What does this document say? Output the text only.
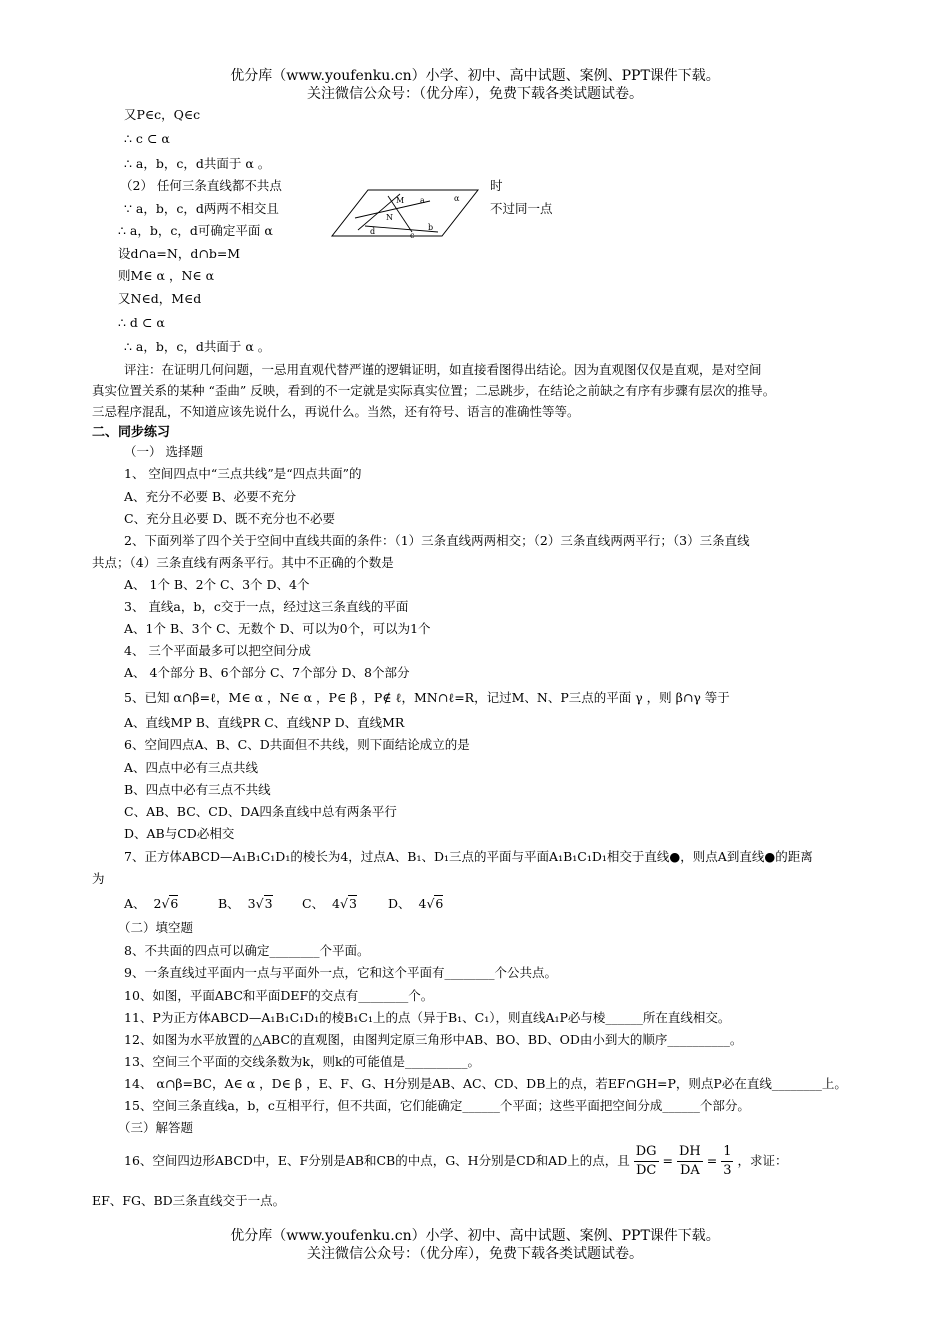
优分库（www.youfenku.cn）小学、初中、高中试题、案例、PPT课件下载。
关注微信公众号：（优分库），免费下载各类试题试卷。
又P∈c，Q∈c
∴ c ⊂ α
∴ a，b，c，d共面于 α 。
（2） 任何三条直线都不共点	时
∵ a，b，c，d两两不相交且	不过同一点
M a	α
N
b
d	c
∴ a，b，c，d可确定平面 α
设d∩a=N，d∩b=M
则M∈ α ，N∈ α
又N∈d，M∈d
∴ d ⊂ α
∴ a，b，c，d共面于 α 。
评注：在证明几何问题，一忌用直观代替严谨的逻辑证明，如直接看图得出结论。因为直观图仅仅是直观，是对空间
真实位置关系的某种 “歪曲” 反映，看到的不一定就是实际真实位置；二忌跳步，在结论之前缺之有序有步骤有层次的推导。
三忌程序混乱，不知道应该先说什么，再说什么。当然，还有符号、语言的准确性等等。
二、同步练习
（一） 选择题
1、 空间四点中“三点共线”是“四点共面”的
A、充分不必要 B、必要不充分
C、充分且必要 D、既不充分也不必要
2、下面列举了四个关于空间中直线共面的条件：（1）三条直线两两相交；（2）三条直线两两平行；（3）三条直线
共点；（4）三条直线有两条平行。其中不正确的个数是
A、 1个 B、2个 C、3个 D、4个
3、 直线a，b，c交于一点，经过这三条直线的平面
A、1个 B、3个 C、无数个 D、可以为0个，可以为1个
4、 三个平面最多可以把空间分成
A、 4个部分 B、6个部分 C、7个部分 D、8个部分
5、已知 α∩β=ℓ，M∈ α ，N∈ α ，P∈ β ，P∉ ℓ，MN∩ℓ=R，记过M、N、P三点的平面 γ ，则 β∩γ 等于
A、直线MP B、直线PR C、直线NP D、直线MR
6、空间四点A、B、C、D共面但不共线，则下面结论成立的是
A、四点中必有三点共线
B、四点中必有三点不共线
C、AB、BC、CD、DA四条直线中总有两条平行
D、AB与CD必相交
7、正方体ABCD—A₁B₁C₁D₁的棱长为4，过点A、B₁、D₁三点的平面与平面A₁B₁C₁D₁相交于直线●，则点A到直线●的距离
为
A、 2√6	B、 3√3 C、 4√3 D、 4√6
（二）填空题
8、不共面的四点可以确定________个平面。
9、一条直线过平面内一点与平面外一点，它和这个平面有________个公共点。
10、如图，平面ABC和平面DEF的交点有________个。
11、P为正方体ABCD—A₁B₁C₁D₁的棱B₁C₁上的点（异于B₁、C₁），则直线A₁P必与棱______所在直线相交。
12、如图为水平放置的△ABC的直观图，由图判定原三角形中AB、BO、BD、OD由小到大的顺序__________。
13、空间三个平面的交线条数为k，则k的可能值是__________。
14、 α∩β=BC，A∈ α ，D∈ β ，E、F、G、H分别是AB、AC、CD、DB上的点，若EF∩GH=P，则点P必在直线________上。
15、空间三条直线a，b，c互相平行，但不共面，它们能确定______个平面；这些平面把空间分成______个部分。
（三）解答题
16、空间四边形ABCD中，E、F分别是AB和CB的中点，G、H分别是CD和AD上的点，且 $\frac{DG}{DC} = \frac{DH}{DA} = \frac{1}{3}$ ，求证：
EF、FG、BD三条直线交于一点。
优分库（www.youfenku.cn）小学、初中、高中试题、案例、PPT课件下载。
关注微信公众号：（优分库），免费下载各类试题试卷。
